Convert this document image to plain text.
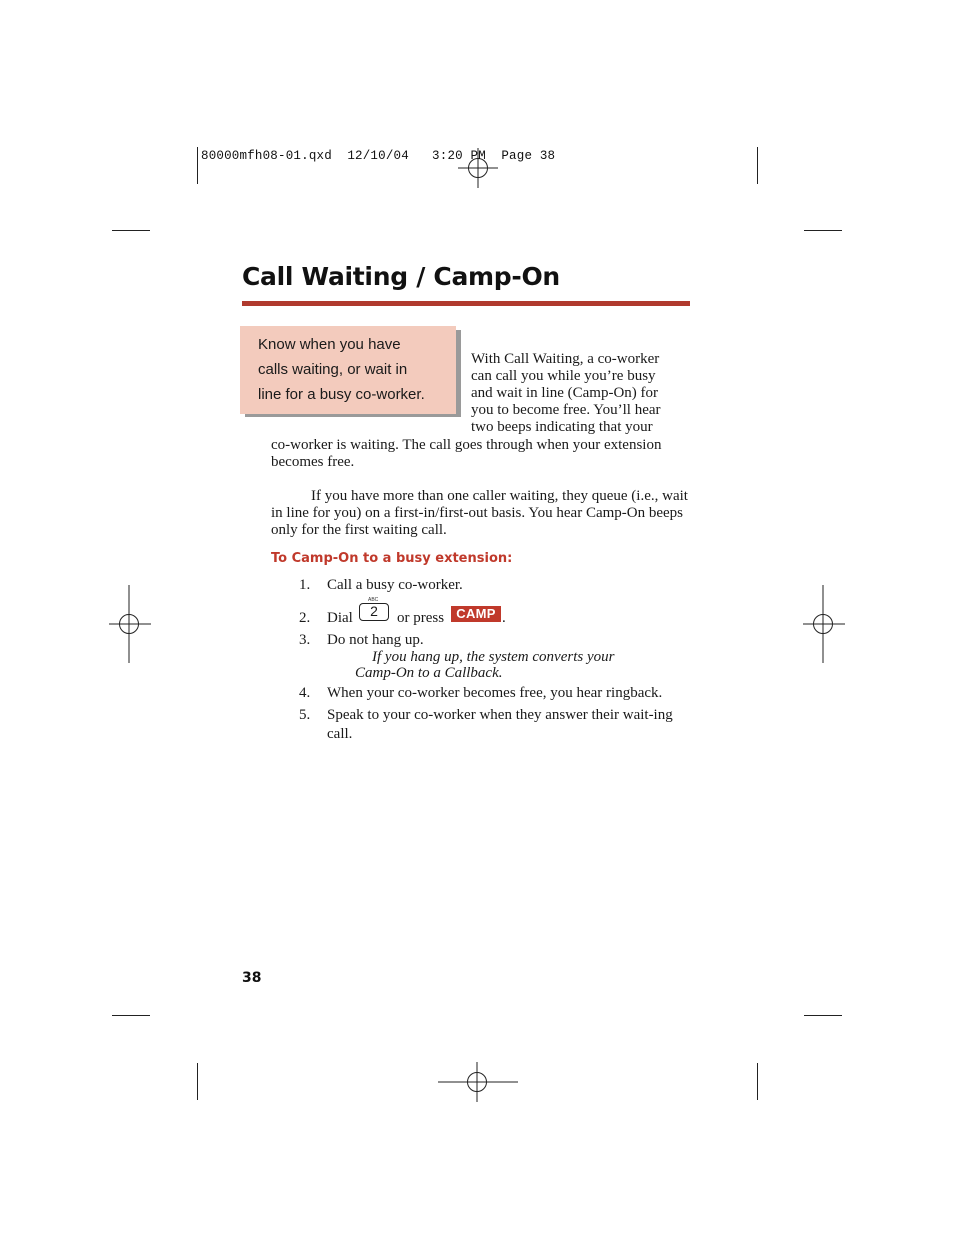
80000mfh08-01.qxd  12/10/04   3:20 PM  Page 38
Call Waiting / Camp-On
Know when you have
calls waiting, or wait in
line for a busy co-worker.
With Call Waiting, a co-worker
can call you while you’re busy
and wait in line (Camp-On) for
you to become free. You’ll hear
two beeps indicating that your
co-worker is waiting. The call goes through when your extension becomes free.
If you have more than one caller waiting, they queue (i.e., wait in line for you) on a first-in/first-out basis. You hear Camp-On beeps only for the first waiting call.
To Camp-On to a busy extension:
1. Call a busy co-worker.
2. Dial	or press	.
ABC
2	CAMP
3. Do not hang up.
If you hang up, the system converts your
Camp-On to a Callback.
4. When your co-worker becomes free, you hear ringback.
5. Speak to your co-worker when they answer their wait-ing call.
38
